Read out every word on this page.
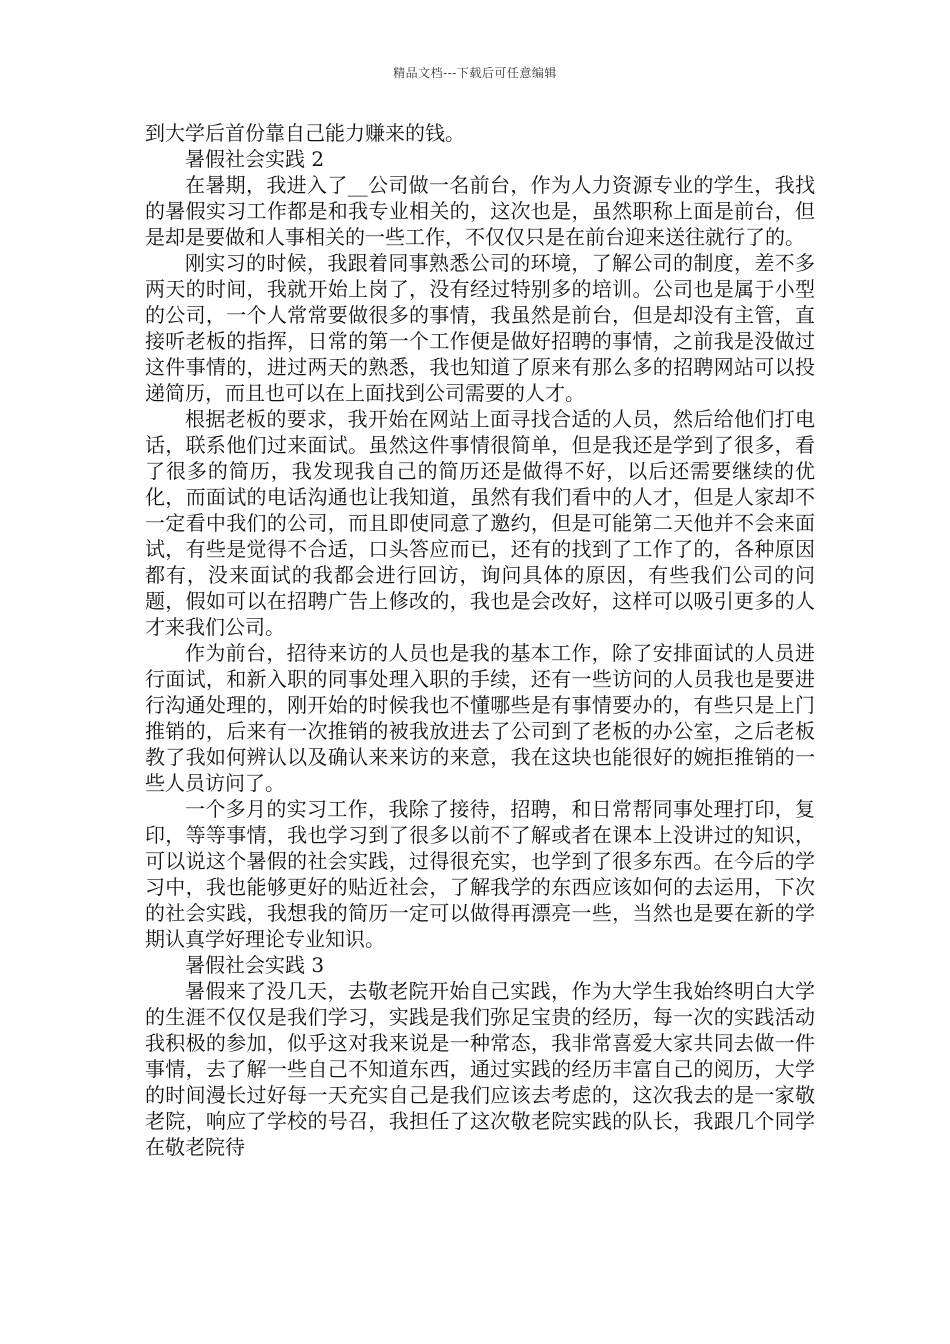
精品文档---下载后可任意编辑

到大学后首份靠自己能力赚来的钱。

暑假社会实践 2

在暑期，我进入了__公司做一名前台，作为人力资源专业的学生，我找的暑假实习工作都是和我专业相关的，这次也是，虽然职称上面是前台，但是却是要做和人事相关的一些工作，不仅仅只是在前台迎来送往就行了的。

刚实习的时候，我跟着同事熟悉公司的环境，了解公司的制度，差不多两天的时间，我就开始上岗了，没有经过特别多的培训。公司也是属于小型的公司，一个人常常要做很多的事情，我虽然是前台，但是却没有主管，直接听老板的指挥，日常的第一个工作便是做好招聘的事情，之前我是没做过这件事情的，进过两天的熟悉，我也知道了原来有那么多的招聘网站可以投递简历，而且也可以在上面找到公司需要的人才。

根据老板的要求，我开始在网站上面寻找合适的人员，然后给他们打电话，联系他们过来面试。虽然这件事情很简单，但是我还是学到了很多，看了很多的简历，我发现我自己的简历还是做得不好，以后还需要继续的优化，而面试的电话沟通也让我知道，虽然有我们看中的人才，但是人家却不一定看中我们的公司，而且即使同意了邀约，但是可能第二天他并不会来面试，有些是觉得不合适，口头答应而已，还有的找到了工作了的，各种原因都有，没来面试的我都会进行回访，询问具体的原因，有些我们公司的问题，假如可以在招聘广告上修改的，我也是会改好，这样可以吸引更多的人才来我们公司。

作为前台，招待来访的人员也是我的基本工作，除了安排面试的人员进行面试，和新入职的同事处理入职的手续，还有一些访问的人员我也是要进行沟通处理的，刚开始的时候我也不懂哪些是有事情要办的，有些只是上门推销的，后来有一次推销的被我放进去了公司到了老板的办公室，之后老板教了我如何辨认以及确认来来访的来意，我在这块也能很好的婉拒推销的一些人员访问了。

一个多月的实习工作，我除了接待，招聘，和日常帮同事处理打印，复印，等等事情，我也学习到了很多以前不了解或者在课本上没讲过的知识，可以说这个暑假的社会实践，过得很充实，也学到了很多东西。在今后的学习中，我也能够更好的贴近社会，了解我学的东西应该如何的去运用，下次的社会实践，我想我的简历一定可以做得再漂亮一些，当然也是要在新的学期认真学好理论专业知识。

暑假社会实践 3

暑假来了没几天，去敬老院开始自己实践，作为大学生我始终明白大学的生涯不仅仅是我们学习，实践是我们弥足宝贵的经历，每一次的实践活动我积极的参加，似乎这对我来说是一种常态，我非常喜爱大家共同去做一件事情，去了解一些自己不知道东西，通过实践的经历丰富自己的阅历，大学的时间漫长过好每一天充实自己是我们应该去考虑的，这次我去的是一家敬老院，响应了学校的号召，我担任了这次敬老院实践的队长，我跟几个同学在敬老院待
